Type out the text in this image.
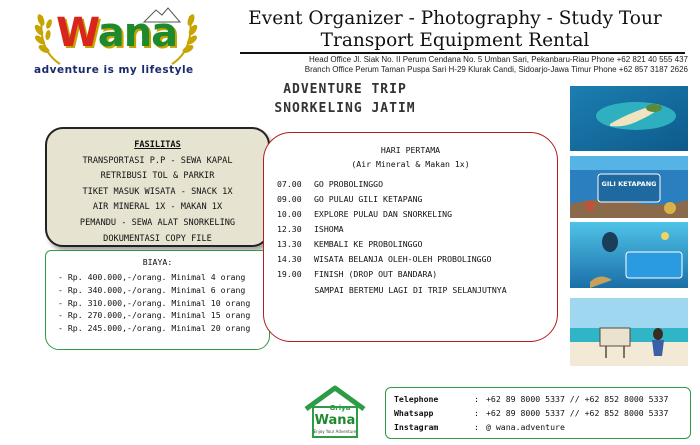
Wana
adventure is my lifestyle
Event Organizer - Photography - Study Tour
Transport Equipment Rental
Head Office Jl. Siak No. II Perum Cendana No. 5 Umban Sari, Pekanbaru-Riau Phone +62 821 40 555 437
Branch Office Perum Taman Puspa Sari H-29 Klurak Candi, Sidoarjo-Jawa Timur Phone +62 857 3187 2626
ADVENTURE TRIP
SNORKELING JATIM
FASILITAS
TRANSPORTASI P.P - SEWA KAPAL
RETRIBUSI TOL & PARKIR
TIKET MASUK WISATA - SNACK 1X
AIR MINERAL 1X - MAKAN 1X
PEMANDU - SEWA ALAT SNORKELING
DOKUMENTASI COPY FILE
BIAYA:
- Rp. 400.000,-/orang. Minimal 4 orang
- Rp. 340.000,-/orang. Minimal 6 orang
- Rp. 310.000,-/orang. Minimal 10 orang
- Rp. 270.000,-/orang. Minimal 15 orang
- Rp. 245.000,-/orang. Minimal 20 orang
HARI PERTAMA
(Air Mineral & Makan 1x)
07.00 GO PROBOLINGGO
09.00 GO PULAU GILI KETAPANG
10.00 EXPLORE PULAU DAN SNORKELING
12.30 ISHOMA
13.30 KEMBALI KE PROBOLINGGO
14.30 WISATA BELANJA OLEH-OLEH PROBOLINGGO
19.00 FINISH (DROP OUT BANDARA)
SAMPAI BERTEMU LAGI DI TRIP SELANJUTNYA
GILI KETAPANG
Griya
Wana
Enjoy Your Adventure
Telephone	: +62 89 8000 5337 // +62 852 8000 5337
Whatsapp	: +62 89 8000 5337 // +62 852 8000 5337
Instagram	: @ wana.adventure
